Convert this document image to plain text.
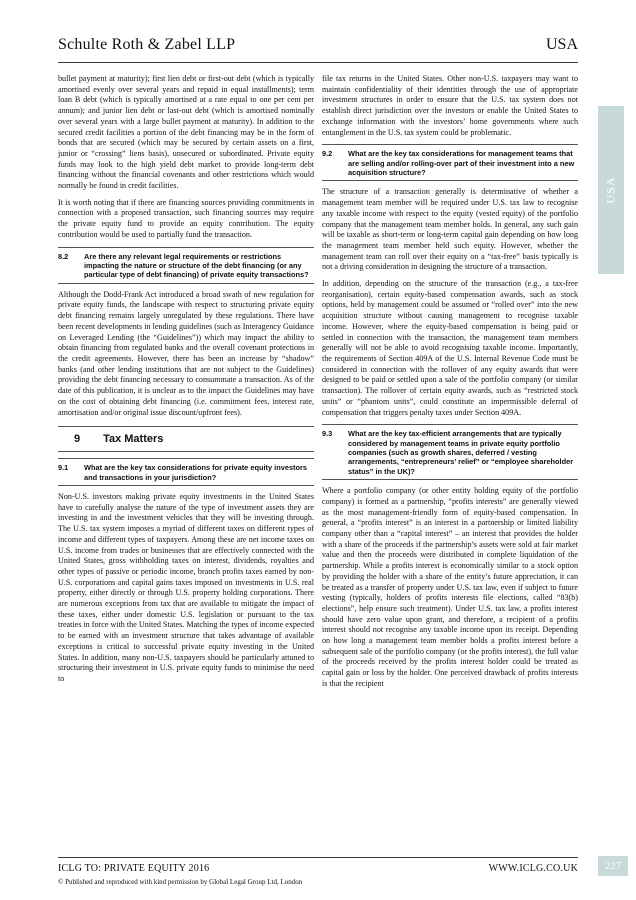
Schulte Roth & Zabel LLP	USA
USA

bullet payment at maturity); first lien debt or first-out debt (which is typically amortised evenly over several years and repaid in equal installments); term loan B debt (which is typically amortised at a rate equal to one per cent per annum); and junior lien debt or last-out debt (which is amortised nominally over several years with a large bullet payment at maturity). In addition to the secured credit facilities a portion of the debt financing may be in the form of bonds that are secured (which may be secured by certain assets on a first, junior or “crossing” liens basis), unsecured or subordinated. Private equity funds may look to the high yield debt market to provide long-term debt financing without the financial covenants and other restrictions which would normally be found in credit facilities.

It is worth noting that if there are financing sources providing commitments in connection with a proposed transaction, such financing sources may require the private equity fund to provide an equity contribution. The equity contribution would be used to partially fund the transaction.

8.2	Are there any relevant legal requirements or restrictions impacting the nature or structure of the debt financing (or any particular type of debt financing) of private equity transactions?

Although the Dodd-Frank Act introduced a broad swath of new regulation for private equity funds, the landscape with respect to structuring private equity debt financing remains largely unregulated by these regulations. There have been recent developments in lending guidelines (such as Interagency Guidance on Leveraged Lending (the “Guidelines”)) which may impact the ability to obtain financing from regulated banks and the overall covenant protections in the credit agreements. However, there has been an increase by “shadow” banks (and other lending institutions that are not subject to the Guidelines) providing the debt financing necessary to consummate a transaction. As of the date of this publication, it is unclear as to the impact the Guidelines may have on the cost of obtaining debt financing (i.e. commitment fees, interest rate, amortisation and/or original issue discount/upfront fees).

9 Tax Matters
9.1	What are the key tax considerations for private equity investors and transactions in your jurisdiction?

Non-U.S. investors making private equity investments in the United States have to carefully analyse the nature of the type of investment assets they are investing in and the investment vehicles that they will be investing through. The U.S. tax system imposes a myriad of different taxes on different types of income and different types of taxpayers. Among these are net income taxes on U.S. income from trades or businesses that are effectively connected with the United States, gross withholding taxes on interest, dividends, royalties and other types of passive or periodic income, branch profits taxes earned by non-U.S. corporations and capital gains taxes imposed on investments in U.S. real property, either directly or through U.S. property holding corporations. There are numerous exceptions from tax that are available to mitigate the impact of these taxes, either under domestic U.S. legislation or pursuant to the tax treaties in force with the United States. Matching the types of income expected to be earned with an investment structure that takes advantage of available exceptions is critical to successful private equity investing in the United States. In addition, many non-U.S. taxpayers should be particularly attuned to structuring their investment in U.S. private equity funds to minimise the need to

file tax returns in the United States. Other non-U.S. taxpayers may want to maintain confidentiality of their identities through the use of appropriate investment structures in order to ensure that the U.S. tax system does not establish direct jurisdiction over the investors or enable the United States to exchange information with the investors’ home governments where such entanglement in the U.S. tax system could be problematic.

9.2	What are the key tax considerations for management teams that are selling and/or rolling-over part of their investment into a new acquisition structure?

The structure of a transaction generally is determinative of whether a management team member will be required under U.S. tax law to recognise any taxable income with respect to the equity (vested equity) of the portfolio company that the management team member holds. In general, any such gain will be taxable as short-term or long-term capital gain depending on how long the management team member held such equity. However, whether the management team can roll over their equity on a “tax-free” basis typically is not a driving consideration in designing the structure of a transaction.

In addition, depending on the structure of the transaction (e.g., a tax-free reorganisation), certain equity-based compensation awards, such as stock options, held by management could be assumed or “rolled over” into the new acquisition structure without causing management to recognise taxable income. However, where the equity-based compensation is being paid or settled in connection with the transaction, the management team members generally will not be able to avoid recognising taxable income. Importantly, the requirements of Section 409A of the U.S. Internal Revenue Code must be considered in connection with the rollover of any equity awards that were designed to be paid or settled upon a sale of the portfolio company (or similar transaction). The rollover of certain equity awards, such as “restricted stock units” or “phantom units”, could constitute an impermissible deferral of compensation that triggers penalty taxes under Section 409A.

9.3	What are the key tax-efficient arrangements that are typically considered by management teams in private equity portfolio companies (such as growth shares, deferred / vesting arrangements, “entrepreneurs’ relief” or “employee shareholder status” in the UK)?

Where a portfolio company (or other entity holding equity of the portfolio company) is formed as a partnership, “profits interests” are generally viewed as the most management-friendly form of equity-based compensation. In general, a “profits interest” is an interest in a partnership or limited liability company other than a “capital interest” – an interest that provides the holder with a share of the proceeds if the partnership’s assets were sold at fair market value and then the proceeds were distributed in complete liquidation of the partnership. While a profits interest is economically similar to a stock option by providing the holder with a share of the entity’s future appreciation, it can be treated as a transfer of property under U.S. tax law, even if subject to future vesting (typically, holders of profits interests file elections, called “83(b) elections”, help ensure such treatment). Under U.S. tax law, a profits interest should have zero value upon grant, and therefore, a recipient of a profits interest should not recognise any taxable income upon its receipt. Depending on how long a management team member holds a profits interest before a subsequent sale of the portfolio company (or the profits interest), the full value of the proceeds received by the profits interest holder could be treated as capital gain or loss by the holder. One perceived drawback of profits interests is that the recipient

ICLG TO: PRIVATE EQUITY 2016	WWW.ICLG.CO.UK
© Published and reproduced with kind permission by Global Legal Group Ltd, London
227
